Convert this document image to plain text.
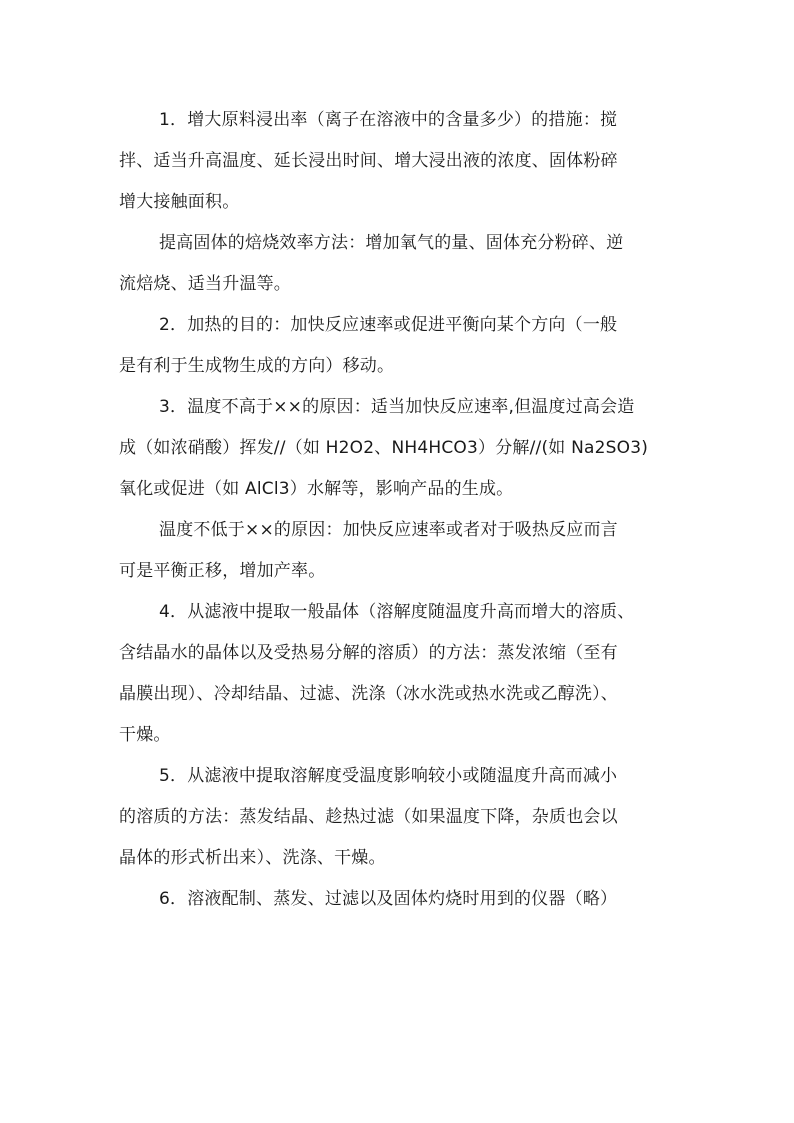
1．增大原料浸出率（离子在溶液中的含量多少）的措施：搅
拌、适当升高温度、延长浸出时间、增大浸出液的浓度、固体粉碎
增大接触面积。
提高固体的焙烧效率方法：增加氧气的量、固体充分粉碎、逆
流焙烧、适当升温等。
2．加热的目的：加快反应速率或促进平衡向某个方向（一般
是有利于生成物生成的方向）移动。
3．温度不高于××的原因：适当加快反应速率,但温度过高会造
成（如浓硝酸）挥发//（如 H2O2、NH4HCO3）分解//(如 Na2SO3)
氧化或促进（如 AlCl3）水解等，影响产品的生成。
温度不低于××的原因：加快反应速率或者对于吸热反应而言
可是平衡正移，增加产率。
4．从滤液中提取一般晶体（溶解度随温度升高而增大的溶质、
含结晶水的晶体以及受热易分解的溶质）的方法：蒸发浓缩（至有
晶膜出现）、冷却结晶、过滤、洗涤（冰水洗或热水洗或乙醇洗）、
干燥。
5．从滤液中提取溶解度受温度影响较小或随温度升高而减小
的溶质的方法：蒸发结晶、趁热过滤（如果温度下降，杂质也会以
晶体的形式析出来）、洗涤、干燥。
6．溶液配制、蒸发、过滤以及固体灼烧时用到的仪器（略）
